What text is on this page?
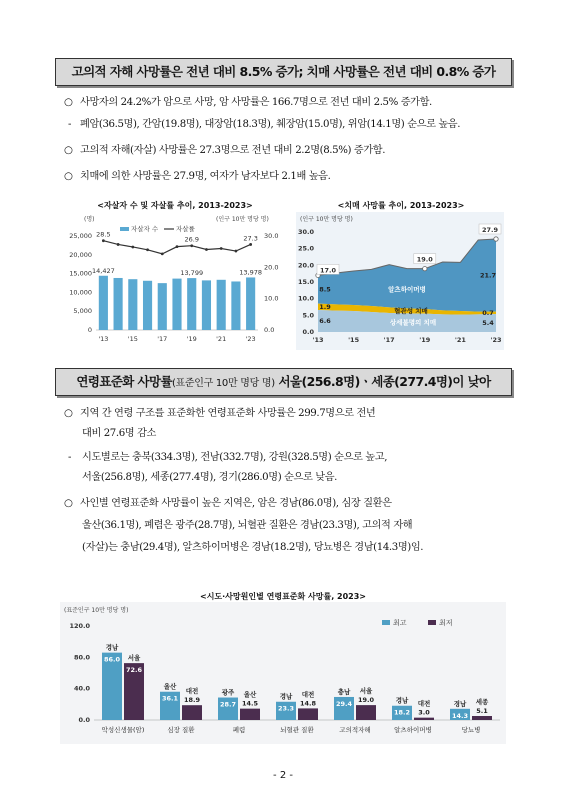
고의적 자해 사망률은 전년 대비 8.5% 증가; 치매 사망률은 전년 대비 0.8% 증가
○ 사망자의 24.2%가 암으로 사망, 암 사망률은 166.7명으로 전년 대비 2.5% 증가함.
- 폐암(36.5명), 간암(19.8명), 대장암(18.3명), 췌장암(15.0명), 위암(14.1명) 순으로 높음.
○ 고의적 자해(자살) 사망률은 27.3명으로 전년 대비 2.2명(8.5%) 증가함.
○ 치매에 의한 사망률은 27.9명, 여자가 남자보다 2.1배 높음.
<자살자 수 및 자살률 추이, 2013-2023>
(명)	(인구 10만 명당 명)
자살자 수	자살률
25,000
20,000
15,000
10,000
5,000
0
30.0
20.0
10.0
0.0
'13	'15	'17	'19	'21	'23
14,427	13,799	13,978
28.5
26.9	27.3
<치매 사망률 추이, 2013-2023>
(인구 10만 명당 명)
30.0
25.0
20.0
15.0
10.0
5.0
0.0
'13	'15	'17	'19	'21	'23
17.0
19.0
27.9
8.5
21.7
1.9
0.7
6.6	5.4
알츠하이머병
혈관성 치매
상세불명의 치매
연령표준화 사망률(표준인구 10만 명당 명) 서울(256.8명)ㆍ세종(277.4명)이 낮아
○ 지역 간 연령 구조를 표준화한 연령표준화 사망률은 299.7명으로 전년
대비 27.6명 감소
- 시도별로는 충북(334.3명), 전남(332.7명), 강원(328.5명) 순으로 높고,
서울(256.8명), 세종(277.4명), 경기(286.0명) 순으로 낮음.
○ 사인별 연령표준화 사망률이 높은 지역은, 암은 경남(86.0명), 심장 질환은
울산(36.1명), 폐렴은 광주(28.7명), 뇌혈관 질환은 경남(23.3명), 고의적 자해
(자살)는 충남(29.4명), 알츠하이머병은 경남(18.2명), 당뇨병은 경남(14.3명)임.
<시도·사망원인별 연령표준화 사망률, 2023>
(표준인구 10만 명당 명)
최고	최저
120.0
80.0
40.0
0.0
경남
86.0 서울
72.6
울산
36.1
대전
18.9
광주
28.7
울산
14.5
경남
23.3
대전
14.8
충남
29.4
서울
19.0	경남
18.2
대전
3.0
경남
14.3
세종
5.1
악성신생물(암)	심장 질환	폐렴	뇌혈관 질환	고의적자해	알츠하이머병	당뇨병
- 2 -
